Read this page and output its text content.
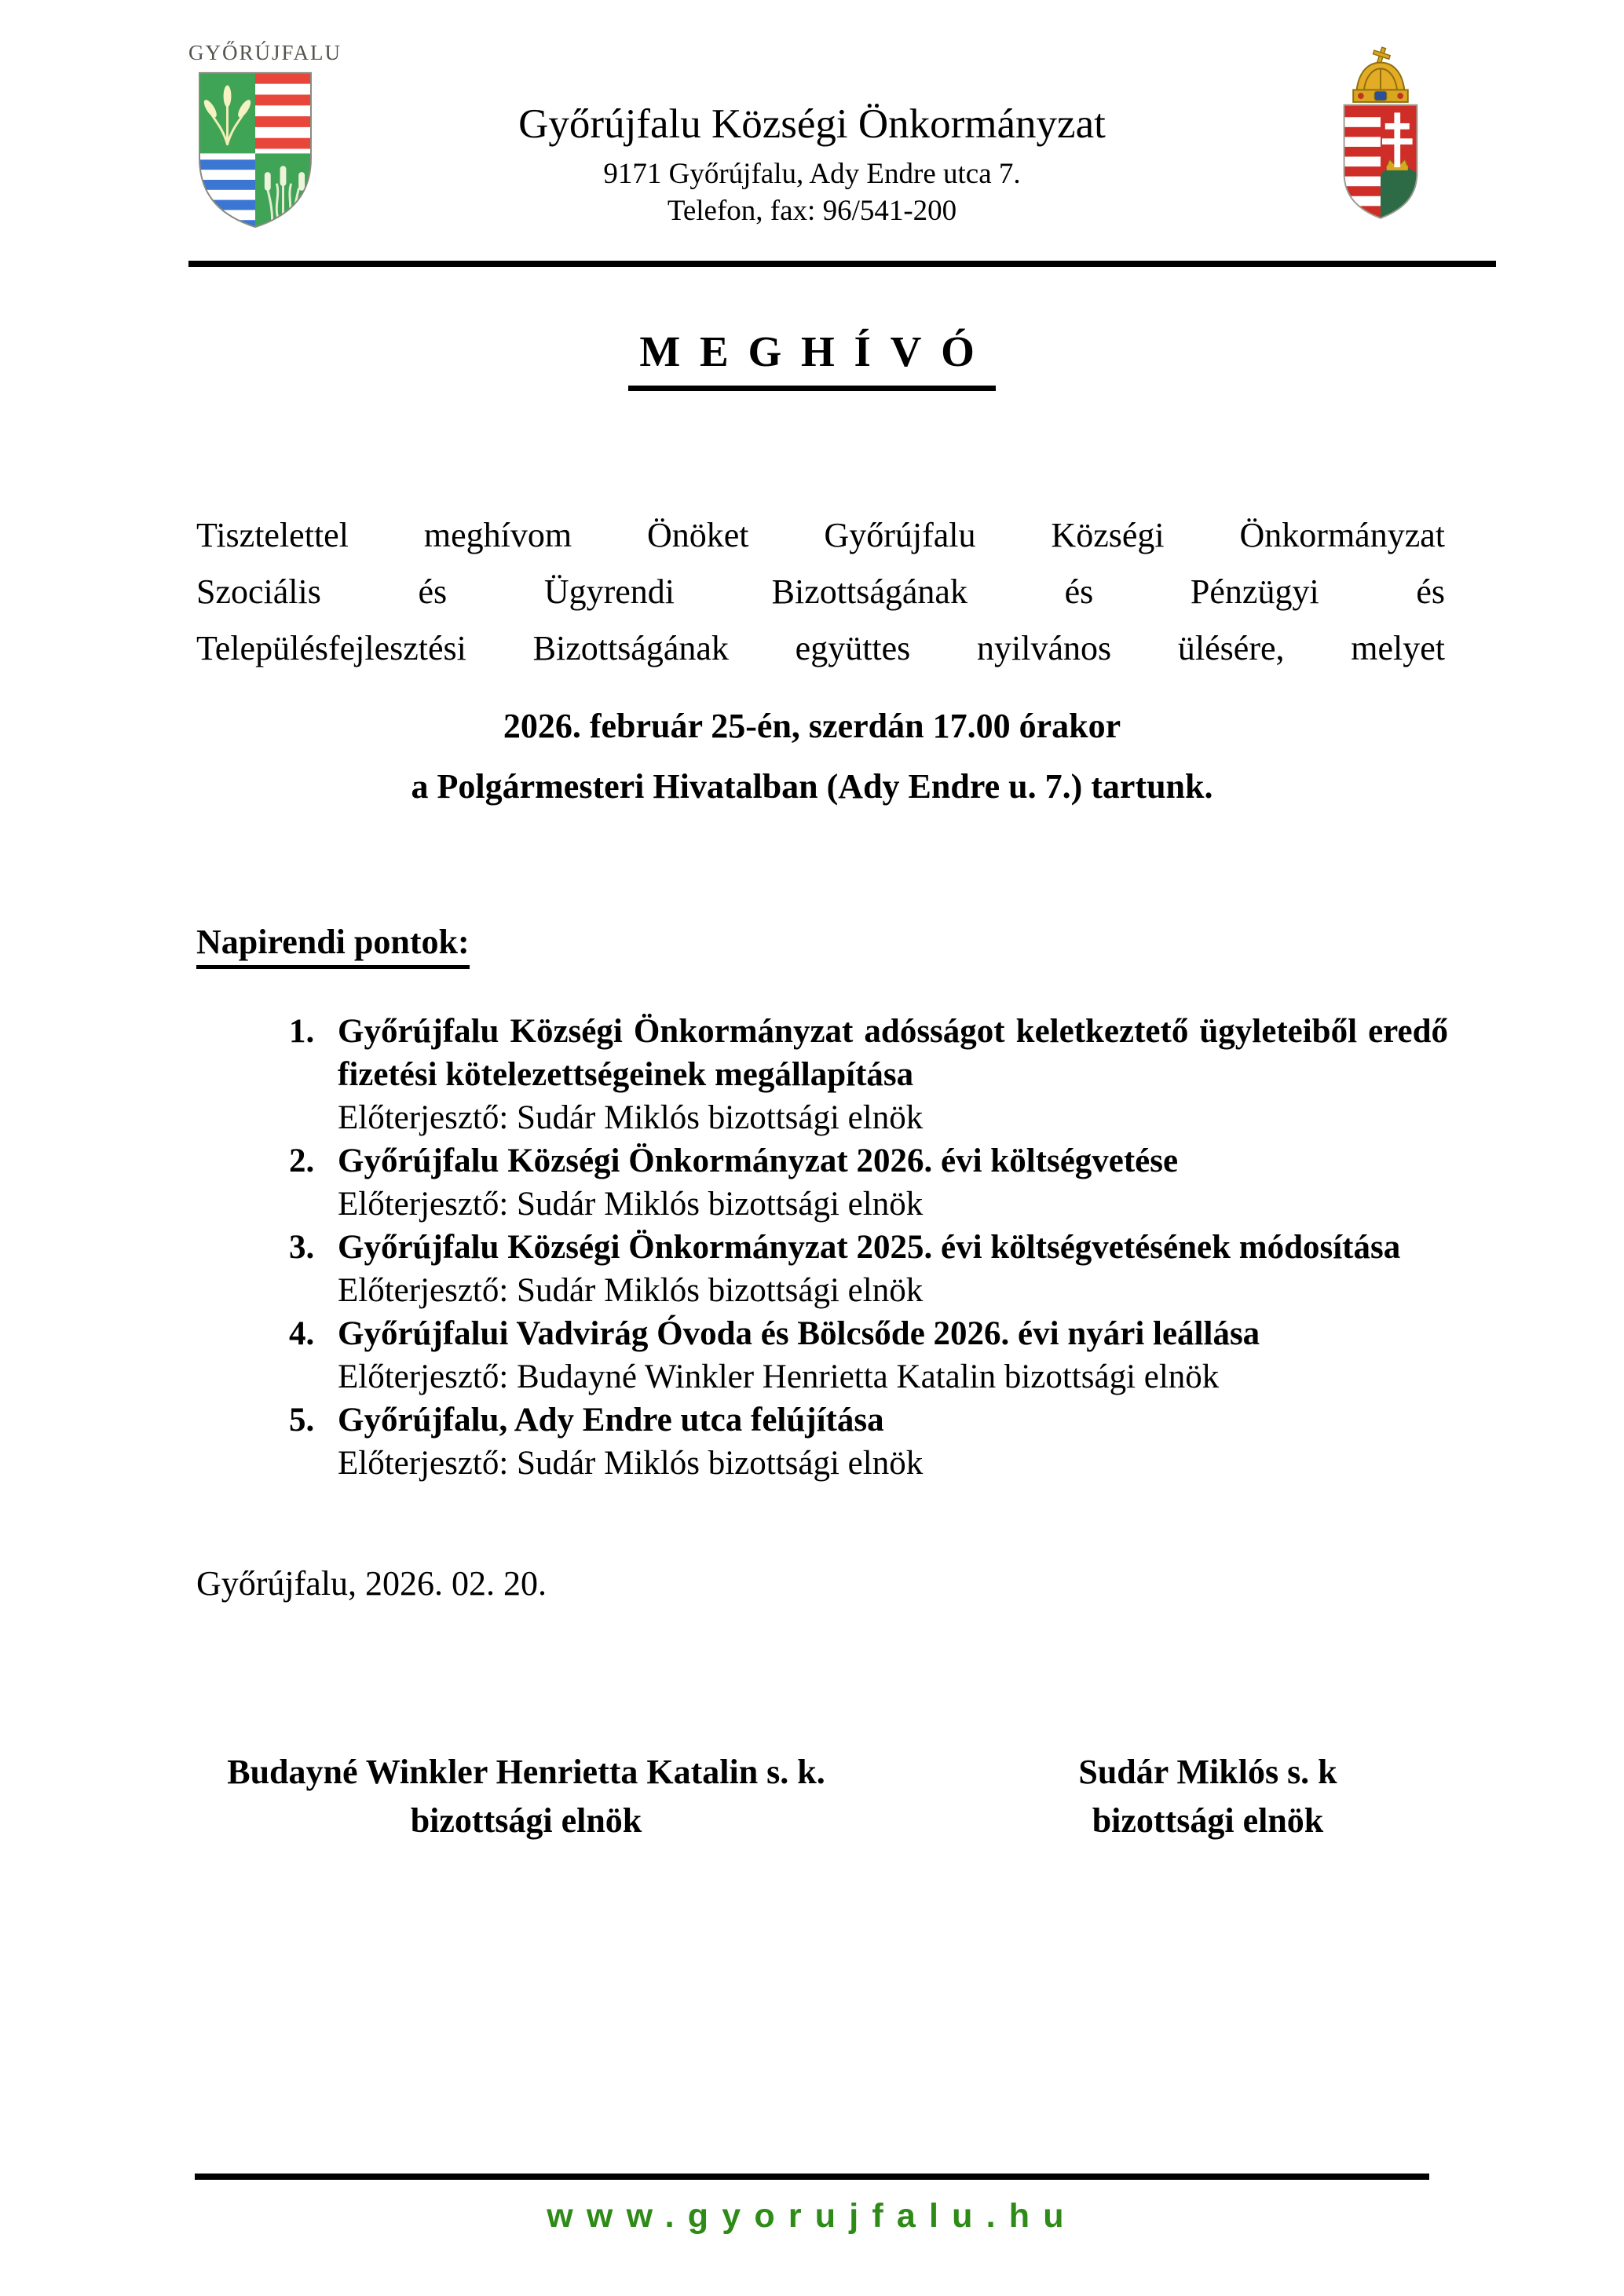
GYŐRÚJFALU
Győrújfalu Községi Önkormányzat
9171 Győrújfalu, Ady Endre utca 7.
Telefon, fax: 96/541-200
MEGHÍVÓ
Tisztelettel meghívom Önöket Győrújfalu Községi Önkormányzat
Szociális és Ügyrendi Bizottságának és Pénzügyi és
Településfejlesztési Bizottságának együttes nyilvános ülésére, melyet
2026. február 25-én, szerdán 17.00 órakor
a Polgármesteri Hivatalban (Ady Endre u. 7.) tartunk.
Napirendi pontok:
1. Győrújfalu Községi Önkormányzat adósságot keletkeztető ügyleteiből eredő fizetési kötelezettségeinek megállapítása
Előterjesztő: Sudár Miklós bizottsági elnök
2. Győrújfalu Községi Önkormányzat 2026. évi költségvetése
Előterjesztő: Sudár Miklós bizottsági elnök
3. Győrújfalu Községi Önkormányzat 2025. évi költségvetésének módosítása
Előterjesztő: Sudár Miklós bizottsági elnök
4. Győrújfalui Vadvirág Óvoda és Bölcsőde 2026. évi nyári leállása
Előterjesztő: Budayné Winkler Henrietta Katalin bizottsági elnök
5. Győrújfalu, Ady Endre utca felújítása
Előterjesztő: Sudár Miklós bizottsági elnök
Győrújfalu, 2026. 02. 20.
Budayné Winkler Henrietta Katalin s. k.
bizottsági elnök
Sudár Miklós s. k
bizottsági elnök
www.gyorujfalu.hu
